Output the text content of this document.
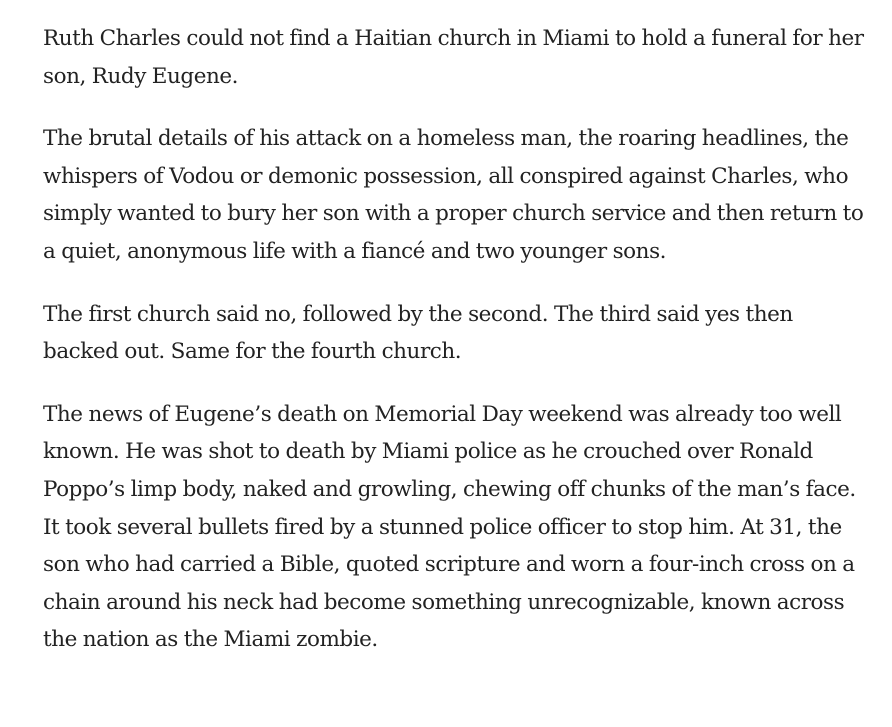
Ruth Charles could not find a Haitian church in Miami to hold a funeral for her son, Rudy Eugene.

The brutal details of his attack on a homeless man, the roaring headlines, the whispers of Vodou or demonic possession, all conspired against Charles, who simply wanted to bury her son with a proper church service and then return to a quiet, anonymous life with a fiancé and two younger sons.

The first church said no, followed by the second. The third said yes then backed out. Same for the fourth church.

The news of Eugene’s death on Memorial Day weekend was already too well known. He was shot to death by Miami police as he crouched over Ronald Poppo’s limp body, naked and growling, chewing off chunks of the man’s face. It took several bullets fired by a stunned police officer to stop him. At 31, the son who had carried a Bible, quoted scripture and worn a four-inch cross on a chain around his neck had become something unrecognizable, known across the nation as the Miami zombie.
